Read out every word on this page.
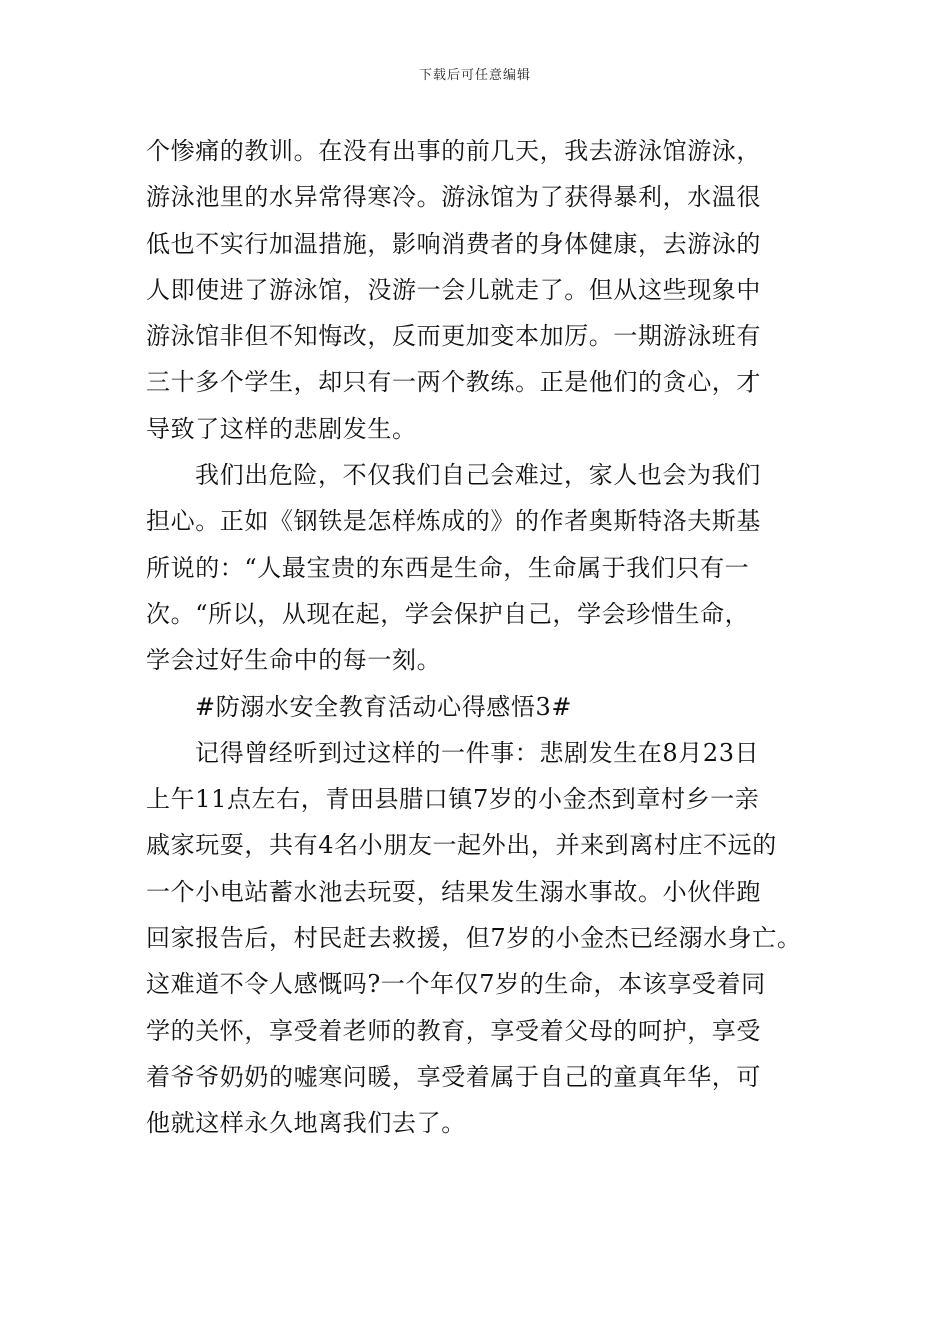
下载后可任意编辑
个惨痛的教训。在没有出事的前几天，我去游泳馆游泳，
游泳池里的水异常得寒冷。游泳馆为了获得暴利，水温很
低也不实行加温措施，影响消费者的身体健康，去游泳的
人即使进了游泳馆，没游一会儿就走了。但从这些现象中
游泳馆非但不知悔改，反而更加变本加厉。一期游泳班有
三十多个学生，却只有一两个教练。正是他们的贪心，才
导致了这样的悲剧发生。
我们出危险，不仅我们自己会难过，家人也会为我们
担心。正如《钢铁是怎样炼成的》的作者奥斯特洛夫斯基
所说的：“人最宝贵的东西是生命，生命属于我们只有一
次。“所以，从现在起，学会保护自己，学会珍惜生命，
学会过好生命中的每一刻。
#防溺水安全教育活动心得感悟3#
记得曾经听到过这样的一件事：悲剧发生在8月23日
上午11点左右，青田县腊口镇7岁的小金杰到章村乡一亲
戚家玩耍，共有4名小朋友一起外出，并来到离村庄不远的
一个小电站蓄水池去玩耍，结果发生溺水事故。小伙伴跑
回家报告后，村民赶去救援，但7岁的小金杰已经溺水身亡。
这难道不令人感慨吗?一个年仅7岁的生命，本该享受着同
学的关怀，享受着老师的教育，享受着父母的呵护，享受
着爷爷奶奶的嘘寒问暖，享受着属于自己的童真年华，可
他就这样永久地离我们去了。
